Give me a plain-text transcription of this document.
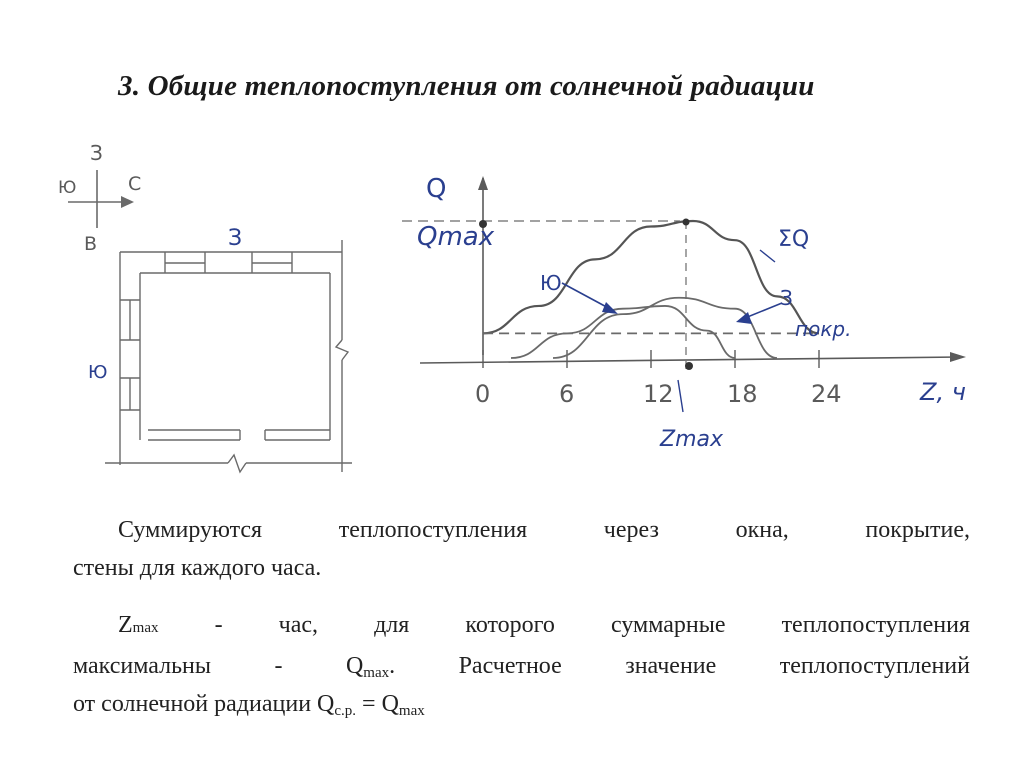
3. Общие теплопоступления от солнечной радиации
З
Ю	С
В	З
Ю
0	6	12 18 24
Q
Qmax
Z, ч
Zmax
ΣQ
Ю
З
покр.
Суммируются теплопоступления через окна, покрытие,
стены для каждого часа.
Zmax - час, для которого суммарные теплопоступления
максимальны - $Q_{max}$. Расчетное значение теплопоступлений
от солнечной радиации $Q_{с.р.} = Q_{max}$
